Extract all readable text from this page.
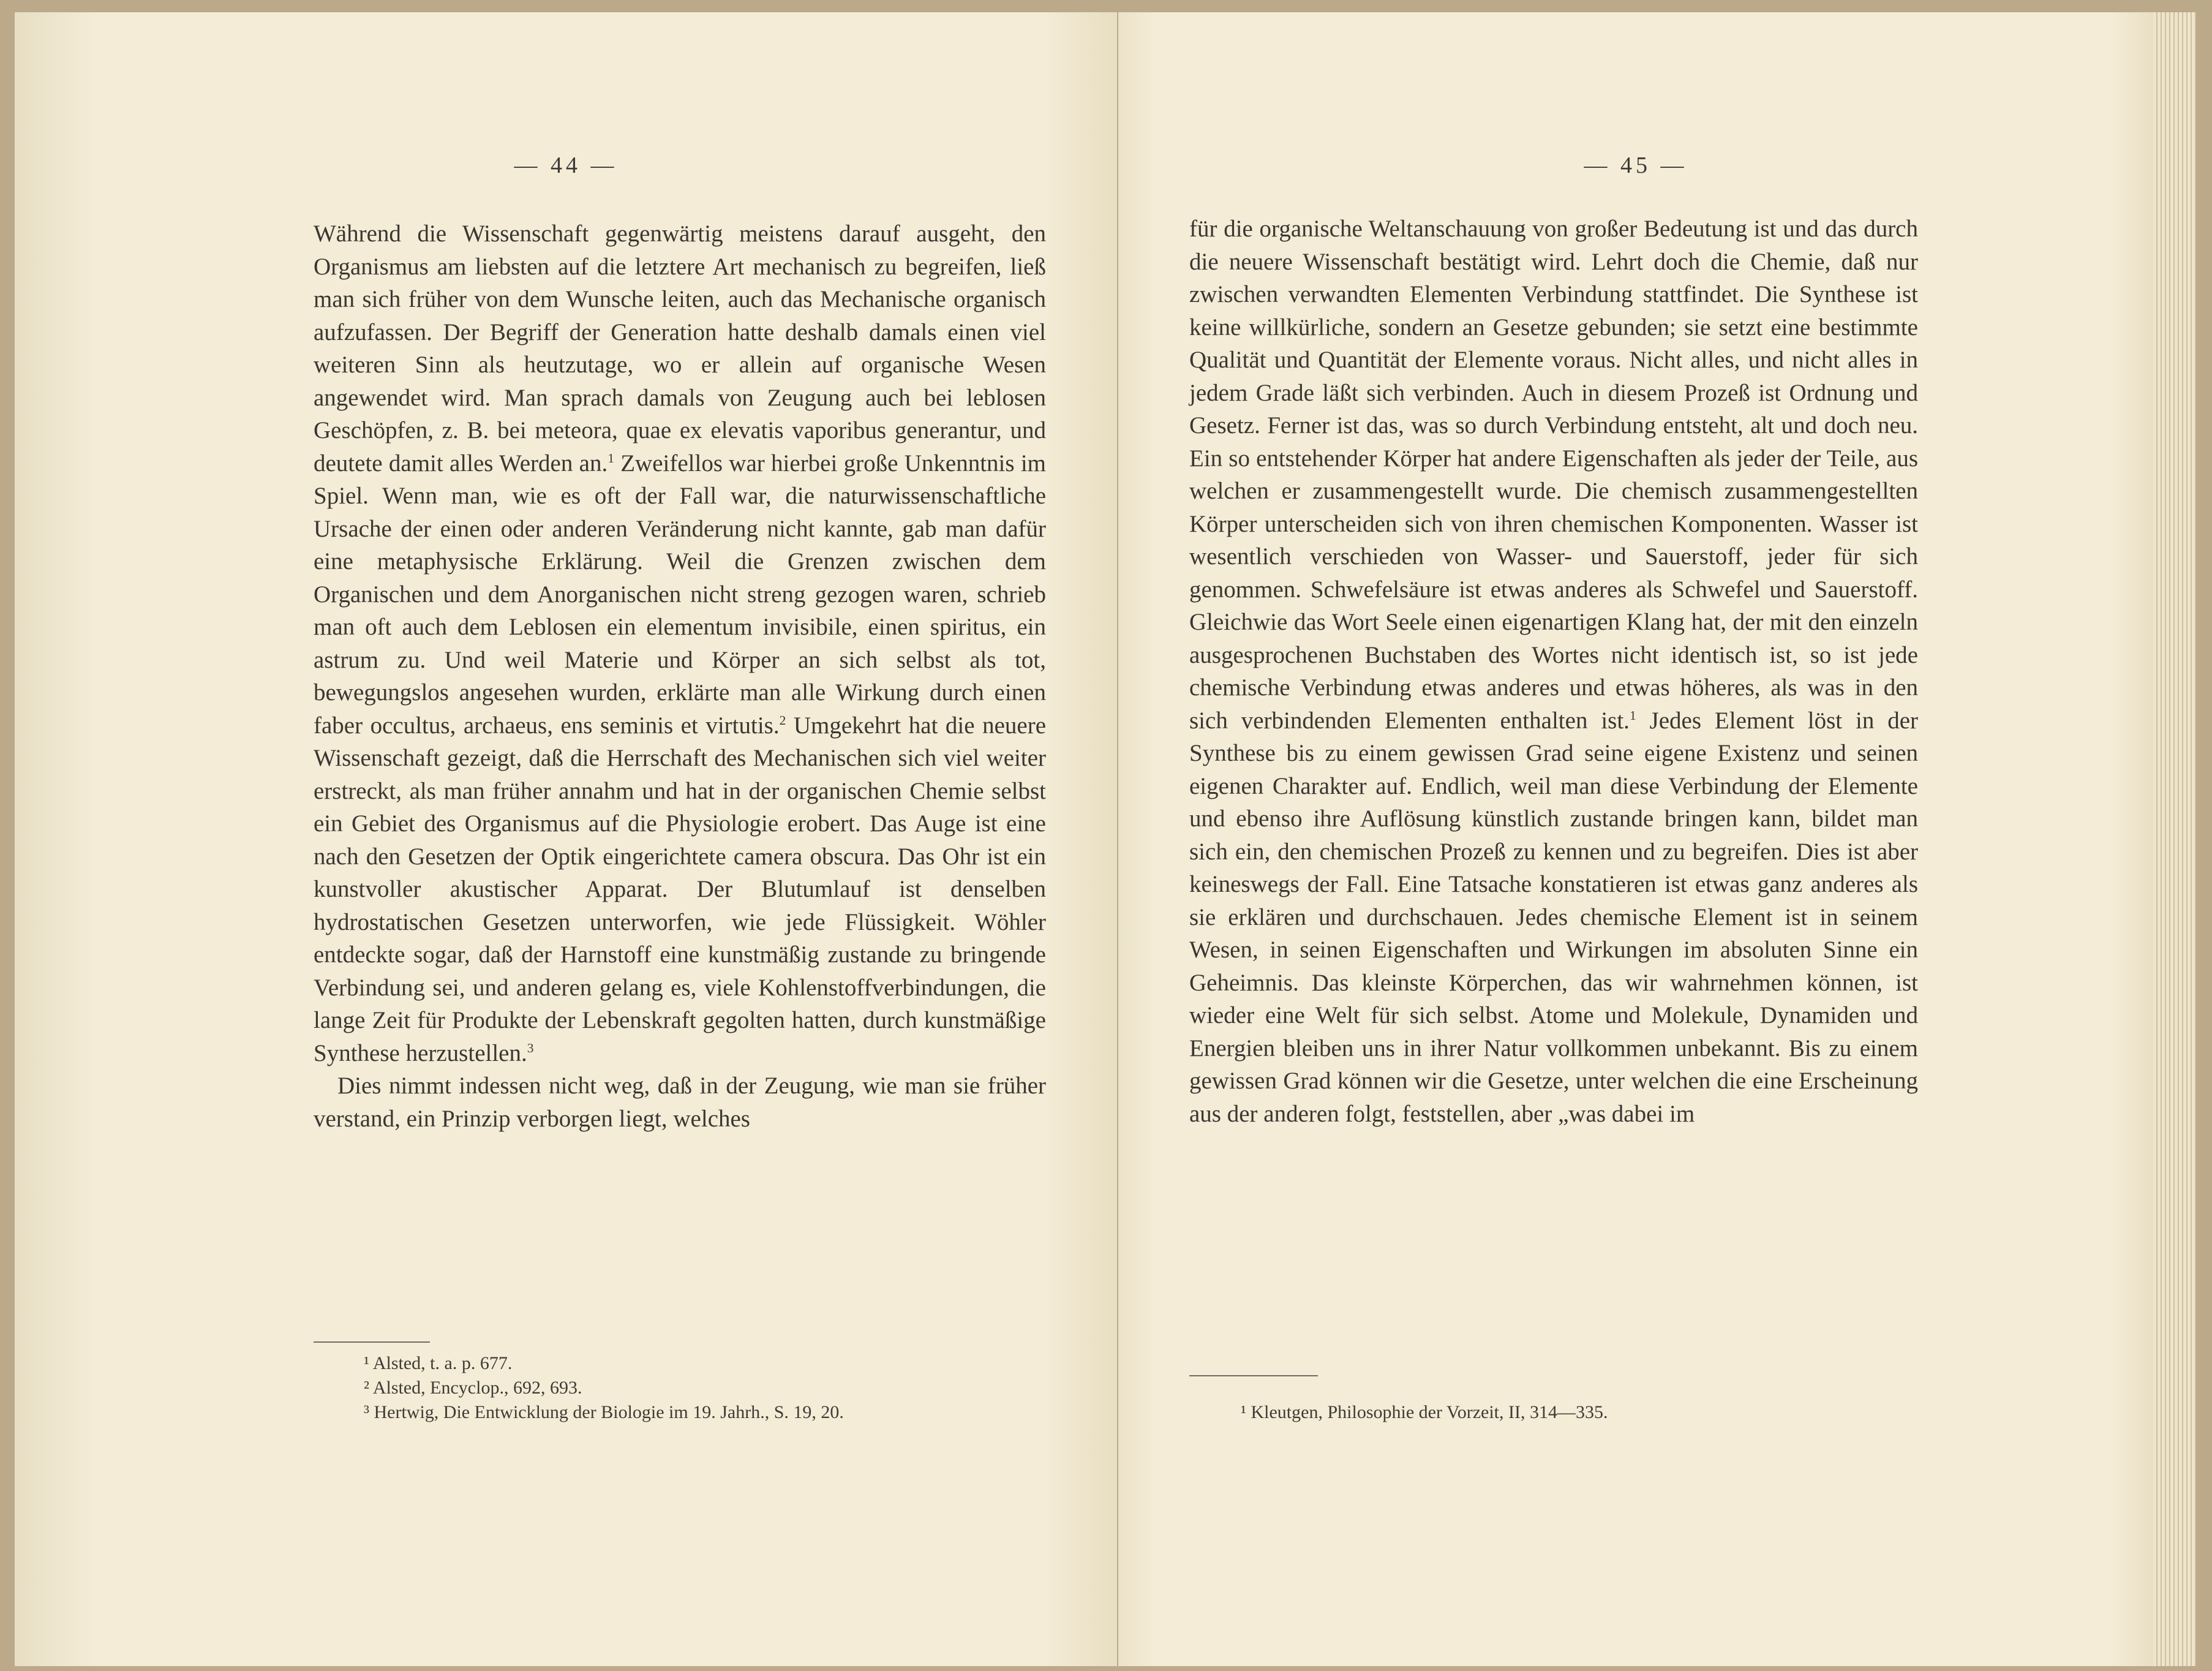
— 44 —

Während die Wissenschaft gegenwärtig meistens darauf ausgeht, den Organismus am liebsten auf die letztere Art mechanisch zu begreifen, ließ man sich früher von dem Wunsche leiten, auch das Mechanische organisch aufzufassen. Der Begriff der Generation hatte deshalb damals einen viel weiteren Sinn als heutzutage, wo er allein auf organische Wesen angewendet wird. Man sprach damals von Zeugung auch bei leblosen Geschöpfen, z. B. bei meteora, quae ex elevatis vaporibus generantur, und deutete damit alles Werden an.$^1$ Zweifellos war hierbei große Unkenntnis im Spiel. Wenn man, wie es oft der Fall war, die naturwissenschaftliche Ursache der einen oder anderen Veränderung nicht kannte, gab man dafür eine metaphysische Erklärung. Weil die Grenzen zwischen dem Organischen und dem Anorganischen nicht streng gezogen waren, schrieb man oft auch dem Leblosen ein elementum invisibile, einen spiritus, ein astrum zu. Und weil Materie und Körper an sich selbst als tot, bewegungslos angesehen wurden, erklärte man alle Wirkung durch einen faber occultus, archaeus, ens seminis et virtutis.$^2$ Umgekehrt hat die neuere Wissenschaft gezeigt, daß die Herrschaft des Mechanischen sich viel weiter erstreckt, als man früher annahm und hat in der organischen Chemie selbst ein Gebiet des Organismus auf die Physiologie erobert. Das Auge ist eine nach den Gesetzen der Optik eingerichtete camera obscura. Das Ohr ist ein kunstvoller akustischer Apparat. Der Blutumlauf ist denselben hydrostatischen Gesetzen unterworfen, wie jede Flüssigkeit. Wöhler entdeckte sogar, daß der Harnstoff eine kunstmäßig zustande zu bringende Verbindung sei, und anderen gelang es, viele Kohlenstoffverbindungen, die lange Zeit für Produkte der Lebenskraft gegolten hatten, durch kunstmäßige Synthese herzustellen.$^3$
 Dies nimmt indessen nicht weg, daß in der Zeugung, wie man sie früher verstand, ein Prinzip verborgen liegt, welches

¹ Alsted, t. a. p. 677.

² Alsted, Encyclop., 692, 693.

³ Hertwig, Die Entwicklung der Biologie im 19. Jahrh., S. 19, 20.

— 45 —

für die organische Weltanschauung von großer Bedeutung ist und das durch die neuere Wissenschaft bestätigt wird. Lehrt doch die Chemie, daß nur zwischen verwandten Elementen Verbindung stattfindet. Die Synthese ist keine willkürliche, sondern an Gesetze gebunden; sie setzt eine bestimmte Qualität und Quantität der Elemente voraus. Nicht alles, und nicht alles in jedem Grade läßt sich verbinden. Auch in diesem Prozeß ist Ordnung und Gesetz. Ferner ist das, was so durch Verbindung entsteht, alt und doch neu. Ein so entstehender Körper hat andere Eigenschaften als jeder der Teile, aus welchen er zusammengestellt wurde. Die chemisch zusammengestellten Körper unterscheiden sich von ihren chemischen Komponenten. Wasser ist wesentlich verschieden von Wasser- und Sauerstoff, jeder für sich genommen. Schwefelsäure ist etwas anderes als Schwefel und Sauerstoff. Gleichwie das Wort Seele einen eigenartigen Klang hat, der mit den einzeln ausgesprochenen Buchstaben des Wortes nicht identisch ist, so ist jede chemische Verbindung etwas anderes und etwas höheres, als was in den sich verbindenden Elementen enthalten ist.$^1$ Jedes Element löst in der Synthese bis zu einem gewissen Grad seine eigene Existenz und seinen eigenen Charakter auf. Endlich, weil man diese Verbindung der Elemente und ebenso ihre Auflösung künstlich zustande bringen kann, bildet man sich ein, den chemischen Prozeß zu kennen und zu begreifen. Dies ist aber keineswegs der Fall. Eine Tatsache konstatieren ist etwas ganz anderes als sie erklären und durchschauen. Jedes chemische Element ist in seinem Wesen, in seinen Eigenschaften und Wirkungen im absoluten Sinne ein Geheimnis. Das kleinste Körperchen, das wir wahrnehmen können, ist wieder eine Welt für sich selbst. Atome und Molekule, Dynamiden und Energien bleiben uns in ihrer Natur vollkommen unbekannt. Bis zu einem gewissen Grad können wir die Gesetze, unter welchen die eine Erscheinung aus der anderen folgt, feststellen, aber „was dabei im

¹ Kleutgen, Philosophie der Vorzeit, II, 314—335.
